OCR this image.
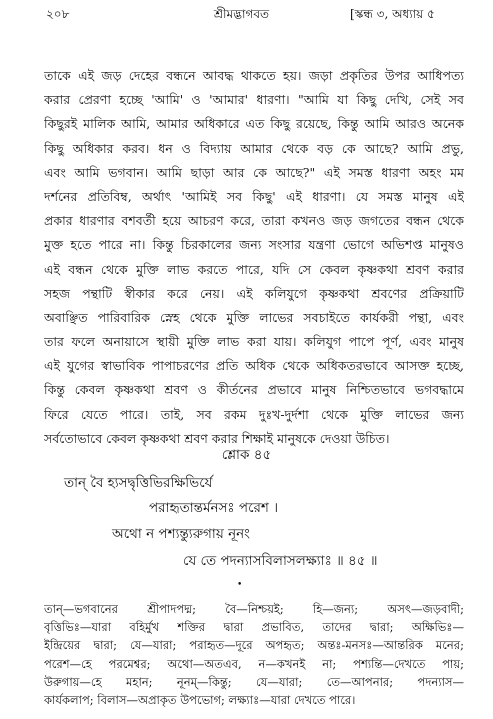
২০৮	শ্রীমদ্ভাগবত	[স্কন্ধ ৩, অধ্যায় ৫
তাকে এই জড় দেহের বন্ধনে আবদ্ধ থাকতে হয়। জড়া প্রকৃতির উপর আধিপত্য
করার প্রেরণা হচ্ছে 'আমি' ও 'আমার' ধারণা। "আমি যা কিছু দেখি, সেই সব
কিছুরই মালিক আমি, আমার অধিকারে এত কিছু রয়েছে, কিন্তু আমি আরও অনেক
কিছু অধিকার করব। ধন ও বিদ্যায় আমার থেকে বড় কে আছে? আমি প্রভু,
এবং আমি ভগবান। আমি ছাড়া আর কে আছে?" এই সমস্ত ধারণা অহং মম
দর্শনের প্রতিবিম্ব, অর্থাৎ 'আমিই সব কিছু' এই ধারণা। যে সমস্ত মানুষ এই
প্রকার ধারণার বশবর্তী হয়ে আচরণ করে, তারা কখনও জড় জগতের বন্ধন থেকে
মুক্ত হতে পারে না। কিন্তু চিরকালের জন্য সংসার যন্ত্রণা ভোগে অভিশপ্ত মানুষও
এই বন্ধন থেকে মুক্তি লাভ করতে পারে, যদি সে কেবল কৃষ্ণকথা শ্রবণ করার
সহজ পন্থাটি স্বীকার করে নেয়। এই কলিযুগে কৃষ্ণকথা শ্রবণের প্রক্রিয়াটি
অবাঞ্ছিত পারিবারিক স্নেহ থেকে মুক্তি লাভের সবচাইতে কার্যকরী পন্থা, এবং
তার ফলে অনায়াসে স্থায়ী মুক্তি লাভ করা যায়। কলিযুগ পাপে পূর্ণ, এবং মানুষ
এই যুগের স্বাভাবিক পাপাচরণের প্রতি অধিক থেকে অধিকতরভাবে আসক্ত হচ্ছে,
কিন্তু কেবল কৃষ্ণকথা শ্রবণ ও কীর্তনের প্রভাবে মানুষ নিশ্চিতভাবে ভগবদ্ধামে
ফিরে যেতে পারে। তাই, সব রকম দুঃখ-দুর্দশা থেকে মুক্তি লাভের জন্য
সর্বতোভাবে কেবল কৃষ্ণকথা শ্রবণ করার শিক্ষাই মানুষকে দেওয়া উচিত।
শ্লোক ৪৫
তান্ বৈ হ্যসদ্বৃত্তিভিরক্ষিভির্যে
পরাহৃতান্তর্মনসঃ পরেশ ।
অথো ন পশ্যন্ত্যুরুগায় নূনং
যে তে পদন্যাসবিলাসলক্ষ্যাঃ ॥ ৪৫ ॥
•
তান্—ভগবানের শ্রীপাদপদ্ম; বৈ—নিশ্চয়ই; হি—জন্য; অসৎ—জড়বাদী;
বৃত্তিভিঃ—যারা বহির্মুখ শক্তির দ্বারা প্রভাবিত, তাদের দ্বারা; অক্ষিভিঃ—
ইন্দ্রিয়ের দ্বারা; যে—যারা; পরাহৃত—দূরে অপহৃত; অন্তঃ-মনসঃ—আন্তরিক মনের;
পরেশ—হে পরমেশ্বর; অথো—অতএব, ন—কখনই না; পশ্যন্তি—দেখতে পায়;
উরুগায়—হে মহান; নূনম্—কিন্তু; যে—যারা; তে—আপনার; পদন্যাস—
কার্যকলাপ; বিলাস—অপ্রাকৃত উপভোগ; লক্ষ্যাঃ—যারা দেখতে পারে।
